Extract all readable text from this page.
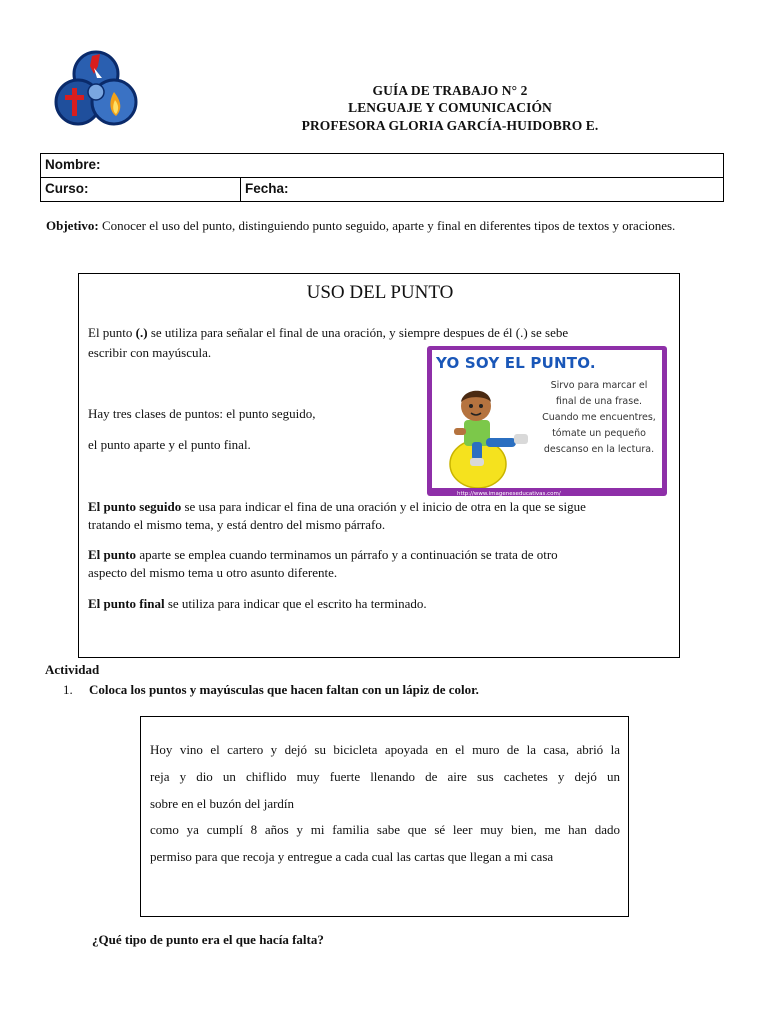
GUÍA DE TRABAJO N° 2
LENGUAJE Y COMUNICACIÓN
PROFESORA GLORIA GARCÍA-HUIDOBRO E.
Nombre:
Curso:	Fecha:
Objetivo: Conocer el uso del punto, distinguiendo punto seguido, aparte y final en diferentes tipos de textos y oraciones.
USO DEL PUNTO
El punto (.) se utiliza para señalar el final de una oración, y siempre despues de él (.) se sebe
escribir con mayúscula.
Hay tres clases de puntos: el punto seguido,
el punto aparte y el punto final.
YO SOY EL PUNTO.
Sirvo para marcar el final de una frase. Cuando me encuentres, tómate un pequeño descanso en la lectura.
http://www.imageneseducativas.com/
El punto seguido se usa para indicar el fina de una oración y el inicio de otra en la que se sigue
tratando el mismo tema, y está dentro del mismo párrafo.
El punto aparte se emplea cuando terminamos un párrafo y a continuación se trata de otro
aspecto del mismo tema u otro asunto diferente.
El punto final se utiliza para indicar que el escrito ha terminado.
Actividad
1. Coloca los puntos y mayúsculas que hacen faltan con un lápiz de color.
Hoy vino el cartero y dejó su bicicleta apoyada en el muro de la casa, abrió la
reja y dio un chiflido muy fuerte llenando de aire sus cachetes y dejó un
sobre en el buzón del jardín
como ya cumplí 8 años y mi familia sabe que sé leer muy bien, me han dado
permiso para que recoja y entregue a cada cual las cartas que llegan a mi casa
¿Qué tipo de punto era el que hacía falta?
